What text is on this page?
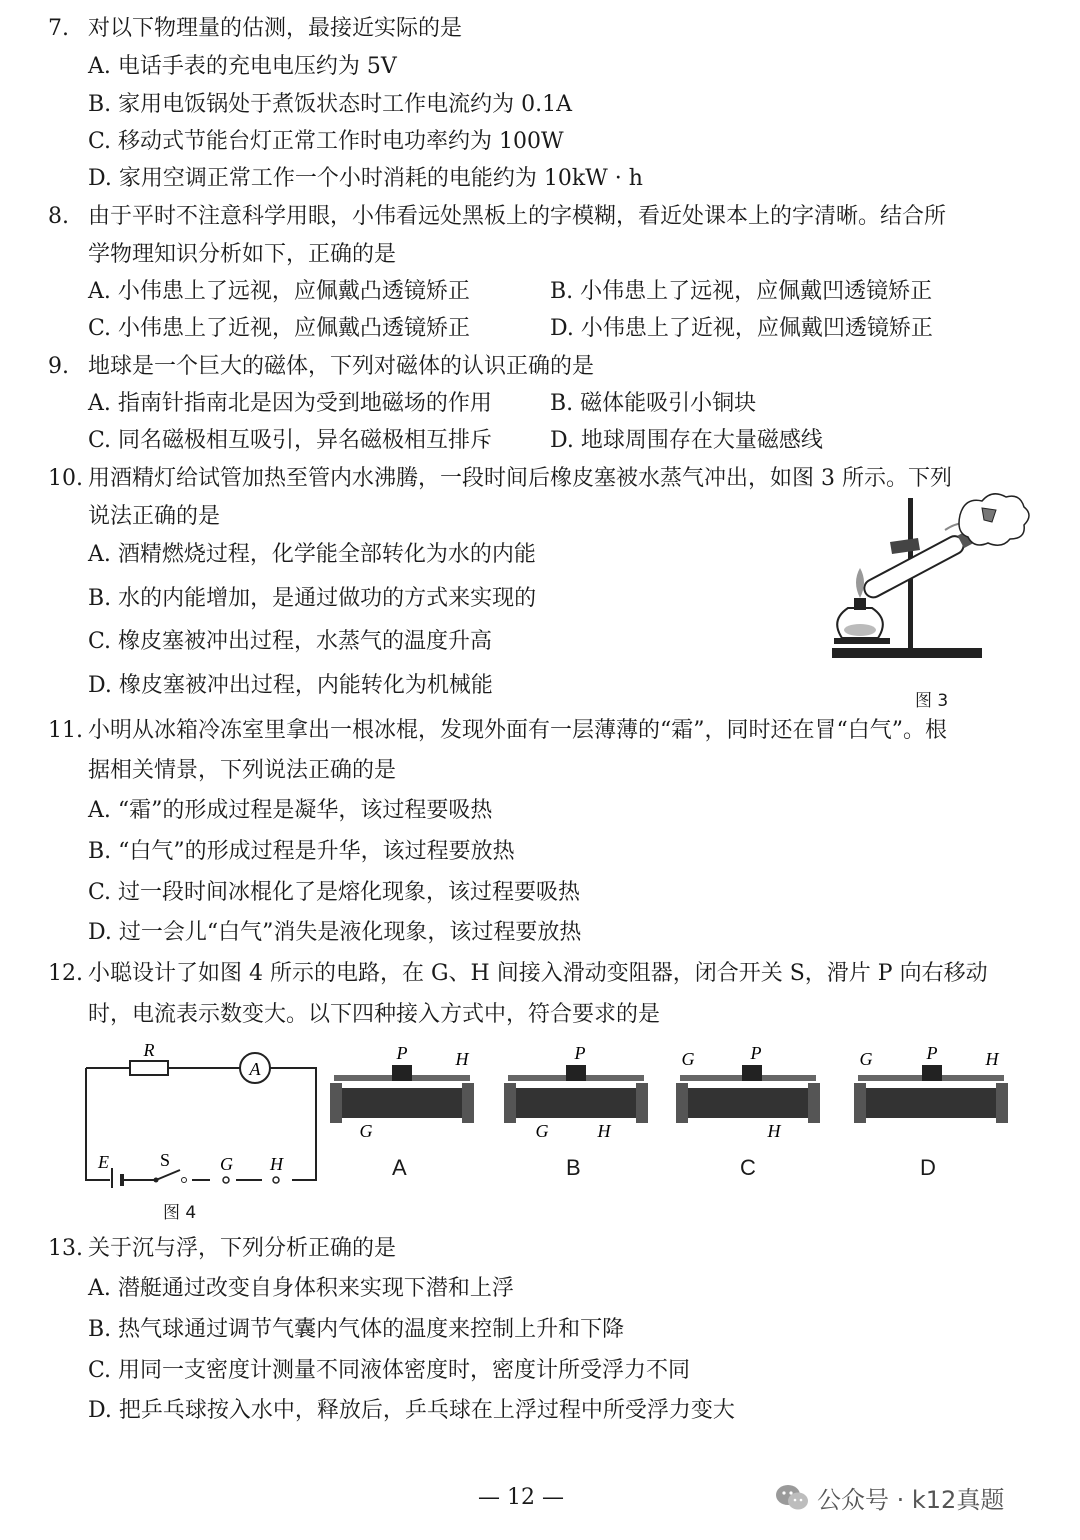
7. 对以下物理量的估测，最接近实际的是
A. 电话手表的充电电压约为 5V
B. 家用电饭锅处于煮饭状态时工作电流约为 0.1A
C. 移动式节能台灯正常工作时电功率约为 100W
D. 家用空调正常工作一个小时消耗的电能约为 10kW · h
8. 由于平时不注意科学用眼，小伟看远处黑板上的字模糊，看近处课本上的字清晰。结合所
学物理知识分析如下，正确的是
A. 小伟患上了远视，应佩戴凸透镜矫正	B. 小伟患上了远视，应佩戴凹透镜矫正
C. 小伟患上了近视，应佩戴凸透镜矫正	D. 小伟患上了近视，应佩戴凹透镜矫正
9. 地球是一个巨大的磁体，下列对磁体的认识正确的是
A. 指南针指南北是因为受到地磁场的作用	B. 磁体能吸引小铜块
C. 同名磁极相互吸引，异名磁极相互排斥	D. 地球周围存在大量磁感线
10. 用酒精灯给试管加热至管内水沸腾，一段时间后橡皮塞被水蒸气冲出，如图 3 所示。下列
说法正确的是
A. 酒精燃烧过程，化学能全部转化为水的内能
B. 水的内能增加，是通过做功的方式来实现的
C. 橡皮塞被冲出过程，水蒸气的温度升高
D. 橡皮塞被冲出过程，内能转化为机械能
图 3
11. 小明从冰箱冷冻室里拿出一根冰棍，发现外面有一层薄薄的“霜”，同时还在冒“白气”。根
据相关情景，下列说法正确的是
A. “霜”的形成过程是凝华，该过程要吸热
B. “白气”的形成过程是升华，该过程要放热
C. 过一段时间冰棍化了是熔化现象，该过程要吸热
D. 过一会儿“白气”消失是液化现象，该过程要放热
12. 小聪设计了如图 4 所示的电路，在 G、H 间接入滑动变阻器，闭合开关 S，滑片 P 向右移动
时，电流表示数变大。以下四种接入方式中，符合要求的是
A
R
E	S	G H
图 4
P	H
G
A
P
G	H
B
G	P
H
C
G	P	H
D
13. 关于沉与浮，下列分析正确的是
A. 潜艇通过改变自身体积来实现下潜和上浮
B. 热气球通过调节气囊内气体的温度来控制上升和下降
C. 用同一支密度计测量不同液体密度时，密度计所受浮力不同
D. 把乒乓球按入水中，释放后，乒乓球在上浮过程中所受浮力变大
— 12 —	公众号 · k12真题
